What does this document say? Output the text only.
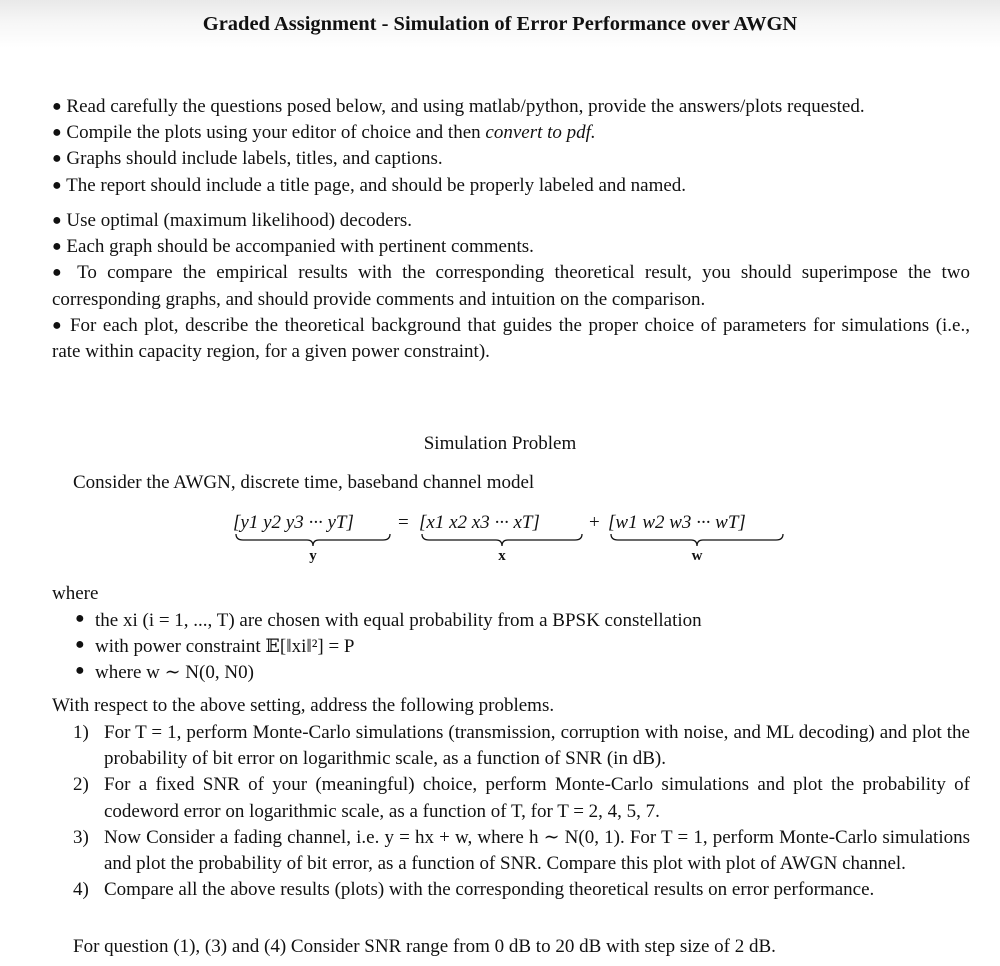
Graded Assignment - Simulation of Error Performance over AWGN

● Read carefully the questions posed below, and using matlab/python, provide the answers/plots requested.

● Compile the plots using your editor of choice and then convert to pdf.

● Graphs should include labels, titles, and captions.

● The report should include a title page, and should be properly labeled and named.

● Use optimal (maximum likelihood) decoders.

● Each graph should be accompanied with pertinent comments.

● To compare the empirical results with the corresponding theoretical result, you should superimpose the two corresponding graphs, and should provide comments and intuition on the comparison.

● For each plot, describe the theoretical background that guides the proper choice of parameters for simulations (i.e., rate within capacity region, for a given power constraint).

Simulation Problem
Consider the AWGN, discrete time, baseband channel model
[y1 y2 y3 ··· yT]
y
= [x1 x2 x3 ··· xT]
x
+ [w1 w2 w3 ··· wT]
w
where
● the xi (i = 1, ..., T) are chosen with equal probability from a BPSK constellation
● with power constraint 𝔼[‖xi‖²] = P
● where w ∼ N(0, N0)
With respect to the above setting, address the following problems.
1) For T = 1, perform Monte-Carlo simulations (transmission, corruption with noise, and ML decoding) and plot the probability of bit error on logarithmic scale, as a function of SNR (in dB).
2) For a fixed SNR of your (meaningful) choice, perform Monte-Carlo simulations and plot the probability of codeword error on logarithmic scale, as a function of T, for T = 2, 4, 5, 7.
3) Now Consider a fading channel, i.e. y = hx + w, where h ∼ N(0, 1). For T = 1, perform Monte-Carlo simulations and plot the probability of bit error, as a function of SNR. Compare this plot with plot of AWGN channel.
4) Compare all the above results (plots) with the corresponding theoretical results on error performance.
For question (1), (3) and (4) Consider SNR range from 0 dB to 20 dB with step size of 2 dB.
